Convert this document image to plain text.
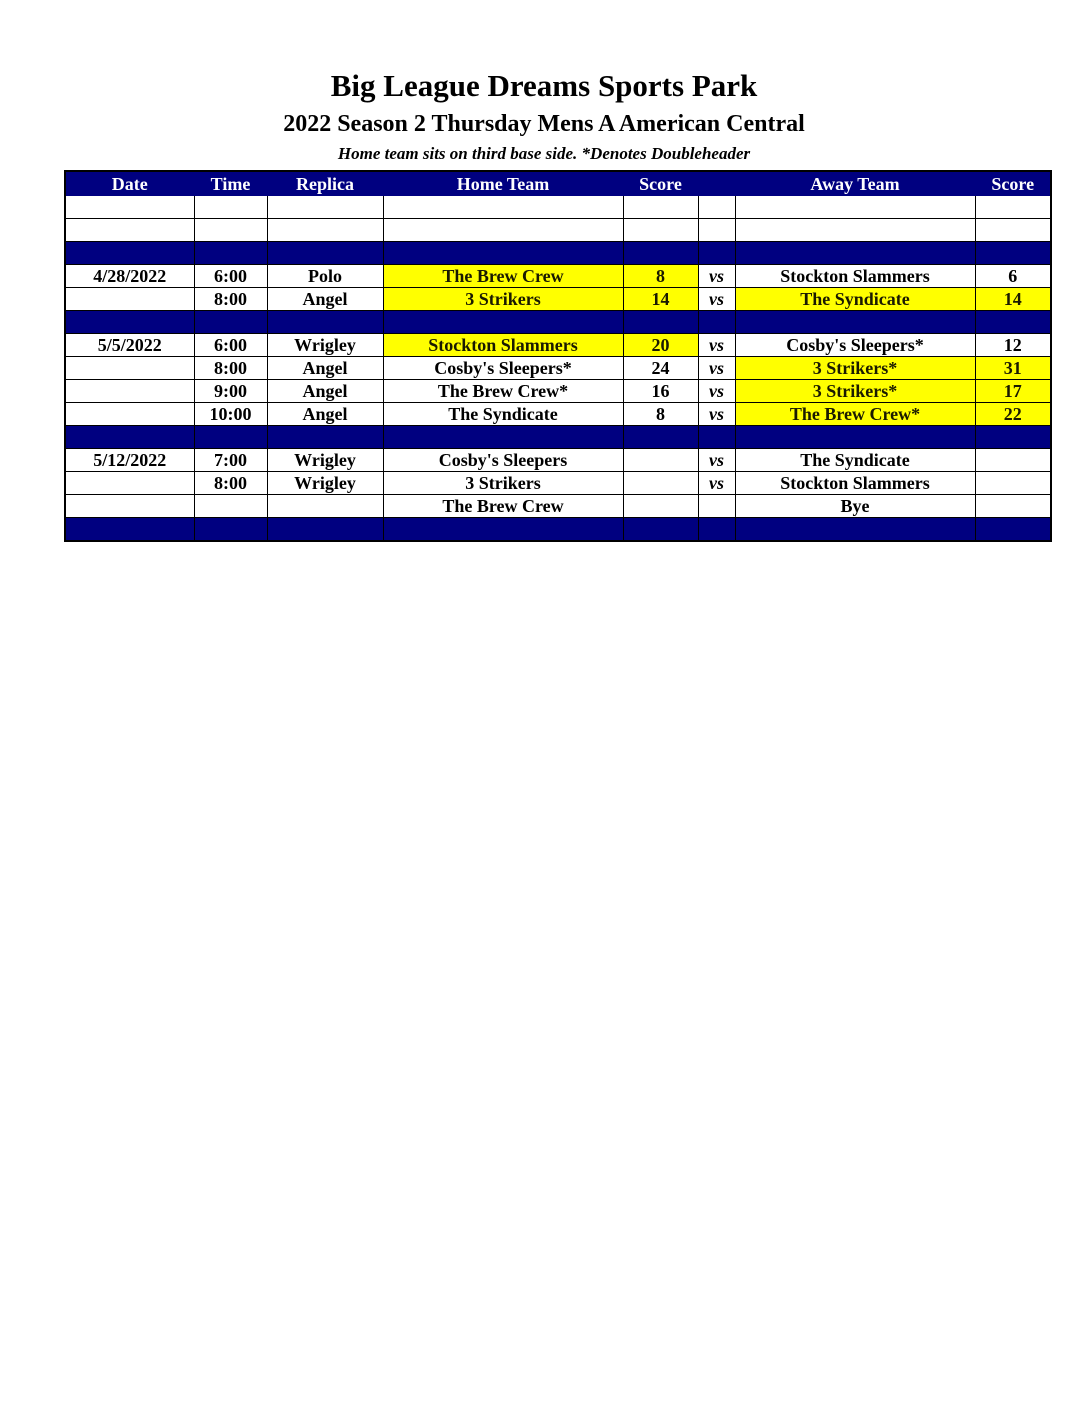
Big League Dreams Sports Park
2022 Season 2 Thursday Mens A American Central
Home team sits on third base side. *Denotes Doubleheader
Date	Time	Replica	Home Team	Score		Away Team	Score

4/28/2022	6:00	Polo	The Brew Crew	8	vs	Stockton Slammers	6
	8:00	Angel	3 Strikers	14	vs	The Syndicate	14

5/5/2022	6:00	Wrigley	Stockton Slammers	20	vs	Cosby's Sleepers*	12
	8:00	Angel	Cosby's Sleepers*	24	vs	3 Strikers*	31
	9:00	Angel	The Brew Crew*	16	vs	3 Strikers*	17
	10:00	Angel	The Syndicate	8	vs	The Brew Crew*	22

5/12/2022	7:00	Wrigley	Cosby's Sleepers		vs	The Syndicate	
	8:00	Wrigley	3 Strikers		vs	Stockton Slammers	
			The Brew Crew			Bye	
